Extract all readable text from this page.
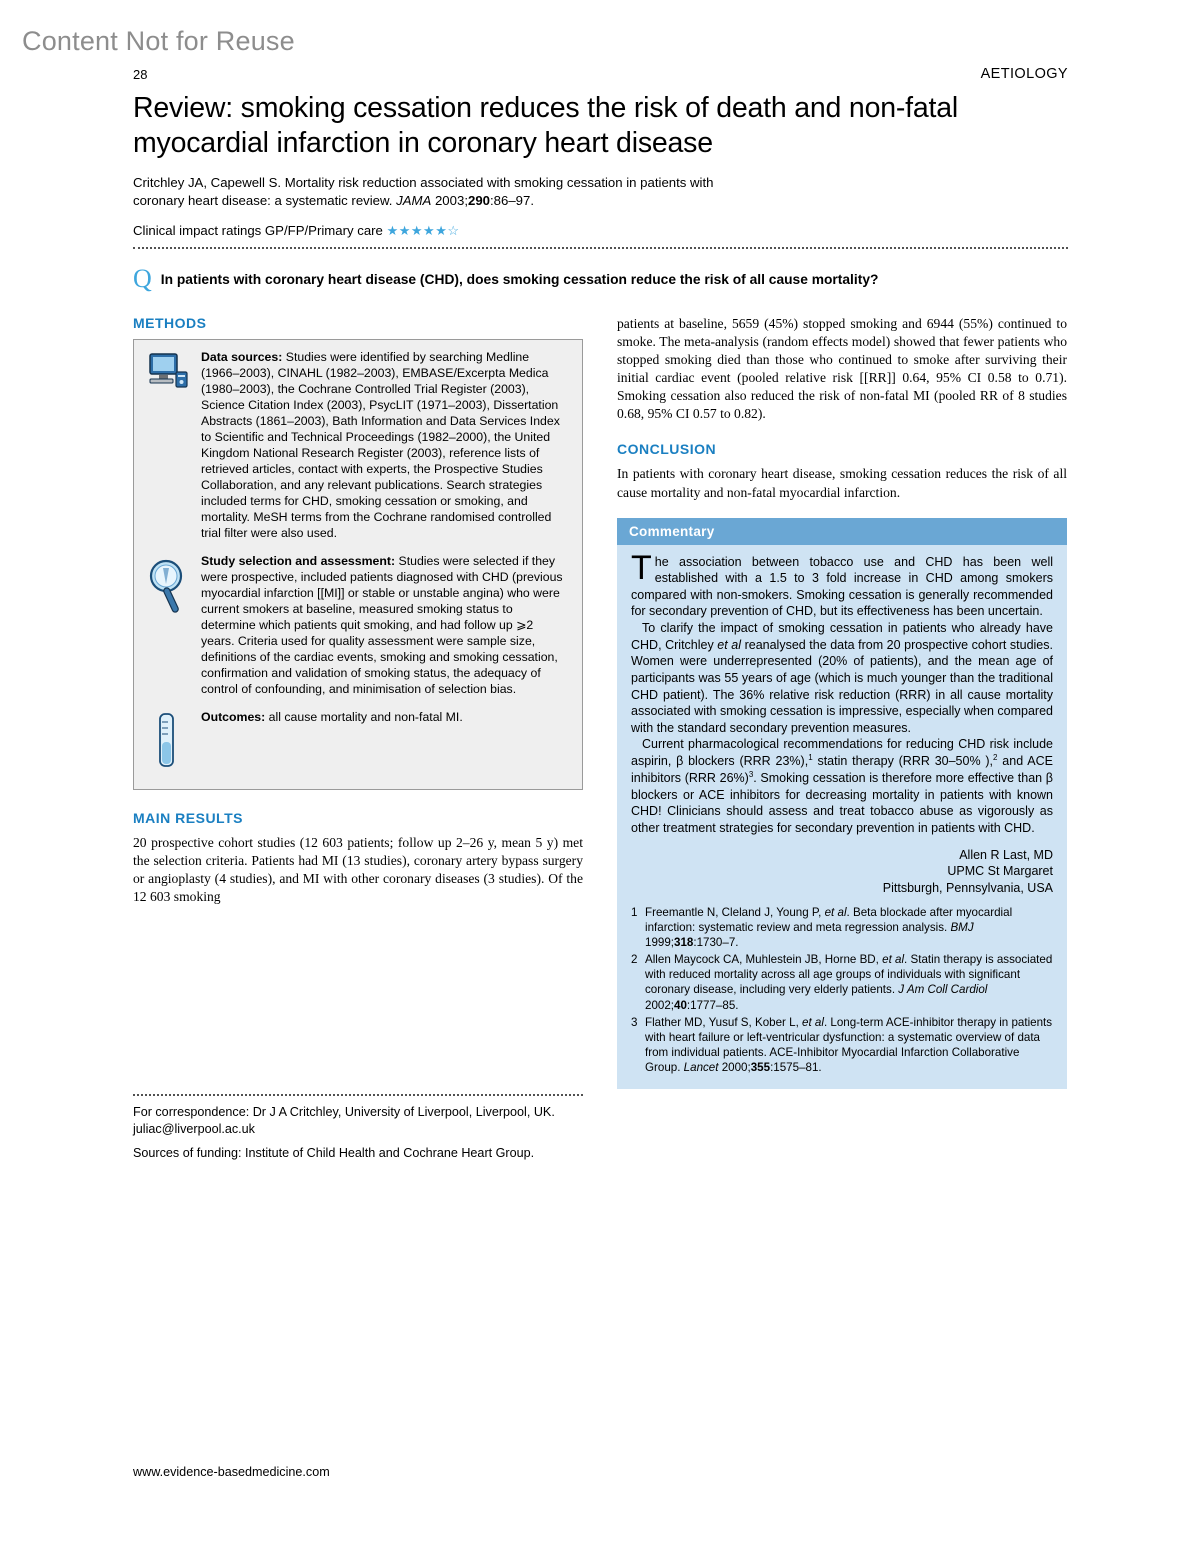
Content Not for Reuse
28	AETIOLOGY
Review: smoking cessation reduces the risk of death and non-fatal myocardial infarction in coronary heart disease
Critchley JA, Capewell S. Mortality risk reduction associated with smoking cessation in patients with
coronary heart disease: a systematic review. JAMA 2003;290:86–97.
Clinical impact ratings GP/FP/Primary care ★★★★★☆
Q In patients with coronary heart disease (CHD), does smoking cessation reduce the risk of all cause mortality?
METHODS
Data sources: Studies were identified by searching Medline (1966–2003), CINAHL (1982–2003), EMBASE/Excerpta Medica (1980–2003), the Cochrane Controlled Trial Register (2003), Science Citation Index (2003), PsycLIT (1971–2003), Dissertation Abstracts (1861–2003), Bath Information and Data Services Index to Scientific and Technical Proceedings (1982–2000), the United Kingdom National Research Register (2003), reference lists of retrieved articles, contact with experts, the Prospective Studies Collaboration, and any relevant publications. Search strategies included terms for CHD, smoking cessation or smoking, and mortality. MeSH terms from the Cochrane randomised controlled trial filter were also used.
Study selection and assessment: Studies were selected if they were prospective, included patients diagnosed with CHD (previous myocardial infarction [[MI]] or stable or unstable angina) who were current smokers at baseline, measured smoking status to determine which patients quit smoking, and had follow up ⩾2 years. Criteria used for quality assessment were sample size, definitions of the cardiac events, smoking and smoking cessation, confirmation and validation of smoking status, the adequacy of control of confounding, and minimisation of selection bias.
Outcomes: all cause mortality and non-fatal MI.
MAIN RESULTS
20 prospective cohort studies (12 603 patients; follow up 2–26 y, mean 5 y) met the selection criteria. Patients had MI (13 studies), coronary artery bypass surgery or angioplasty (4 studies), and MI with other coronary diseases (3 studies). Of the 12 603 smoking
patients at baseline, 5659 (45%) stopped smoking and 6944 (55%) continued to smoke. The meta-analysis (random effects model) showed that fewer patients who stopped smoking died than those who continued to smoke after surviving their initial cardiac event (pooled relative risk [[RR]] 0.64, 95% CI 0.58 to 0.71). Smoking cessation also reduced the risk of non-fatal MI (pooled RR of 8 studies 0.68, 95% CI 0.57 to 0.82).
CONCLUSION
In patients with coronary heart disease, smoking cessation reduces the risk of all cause mortality and non-fatal myocardial infarction.
Commentary

The association between tobacco use and CHD has been well established with a 1.5 to 3 fold increase in CHD among smokers compared with non-smokers. Smoking cessation is generally recommended for secondary prevention of CHD, but its effectiveness has been uncertain.

To clarify the impact of smoking cessation in patients who already have CHD, Critchley et al reanalysed the data from 20 prospective cohort studies. Women were underrepresented (20% of patients), and the mean age of participants was 55 years of age (which is much younger than the traditional CHD patient). The 36% relative risk reduction (RRR) in all cause mortality associated with smoking cessation is impressive, especially when compared with the standard secondary prevention measures.

Current pharmacological recommendations for reducing CHD risk include aspirin, β blockers (RRR 23%),$^1$ statin therapy (RRR 30–50% ),$^2$ and ACE inhibitors (RRR 26%)$^3$. Smoking cessation is therefore more effective than β blockers or ACE inhibitors for decreasing mortality in patients with known CHD! Clinicians should assess and treat tobacco abuse as vigorously as other treatment strategies for secondary prevention in patients with CHD.

Allen R Last, MD
UPMC St Margaret
Pittsburgh, Pennsylvania, USA
1 Freemantle N, Cleland J, Young P, et al. Beta blockade after myocardial infarction: systematic review and meta regression analysis. BMJ 1999;318:1730–7.
2 Allen Maycock CA, Muhlestein JB, Horne BD, et al. Statin therapy is associated with reduced mortality across all age groups of individuals with significant coronary disease, including very elderly patients. J Am Coll Cardiol 2002;40:1777–85.
3 Flather MD, Yusuf S, Kober L, et al. Long-term ACE-inhibitor therapy in patients with heart failure or left-ventricular dysfunction: a systematic overview of data from individual patients. ACE-Inhibitor Myocardial Infarction Collaborative Group. Lancet 2000;355:1575–81.
For correspondence: Dr J A Critchley, University of Liverpool, Liverpool, UK.
juliac@liverpool.ac.uk
Sources of funding: Institute of Child Health and Cochrane Heart Group.
www.evidence-basedmedicine.com
